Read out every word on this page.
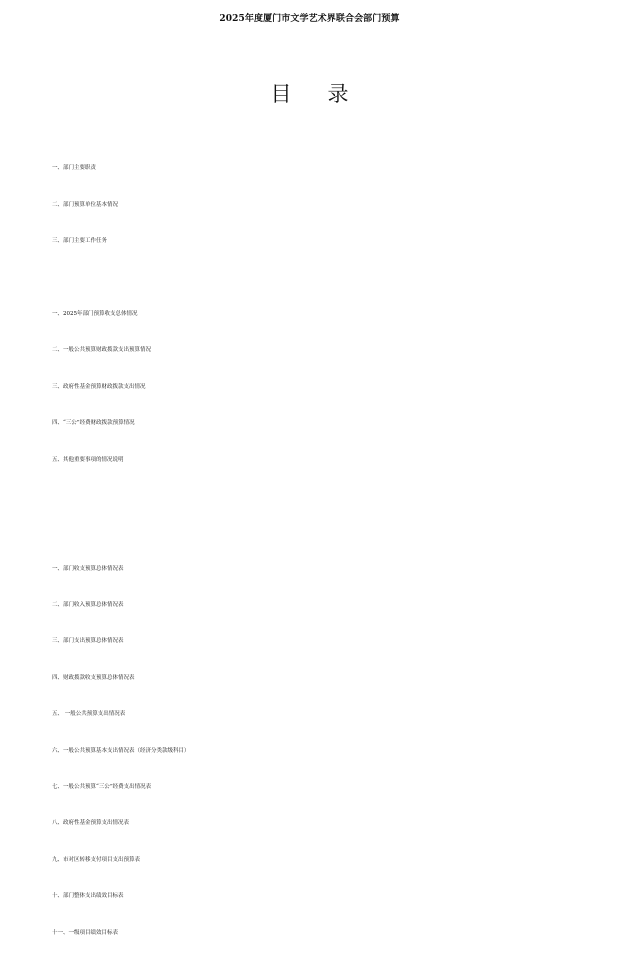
2025年度厦门市文学艺术界联合会部门预算
目录
一、部门主要职责
二、部门预算单位基本情况
三、部门主要工作任务
一、2025年部门预算收支总体情况
二、一般公共预算财政拨款支出预算情况
三、政府性基金预算财政拨款支出情况
四、“三公”经费财政拨款预算情况
五、其他重要事项的情况说明
一、部门收支预算总体情况表
二、部门收入预算总体情况表
三、部门支出预算总体情况表
四、财政拨款收支预算总体情况表
五、 一般公共预算支出情况表
六、一般公共预算基本支出情况表（经济分类款级科目）
七、一般公共预算“三公”经费支出情况表
八、政府性基金预算支出情况表
九、市对区转移支付项目支出预算表
十、部门整体支出绩效目标表
十一、一级项目绩效目标表
